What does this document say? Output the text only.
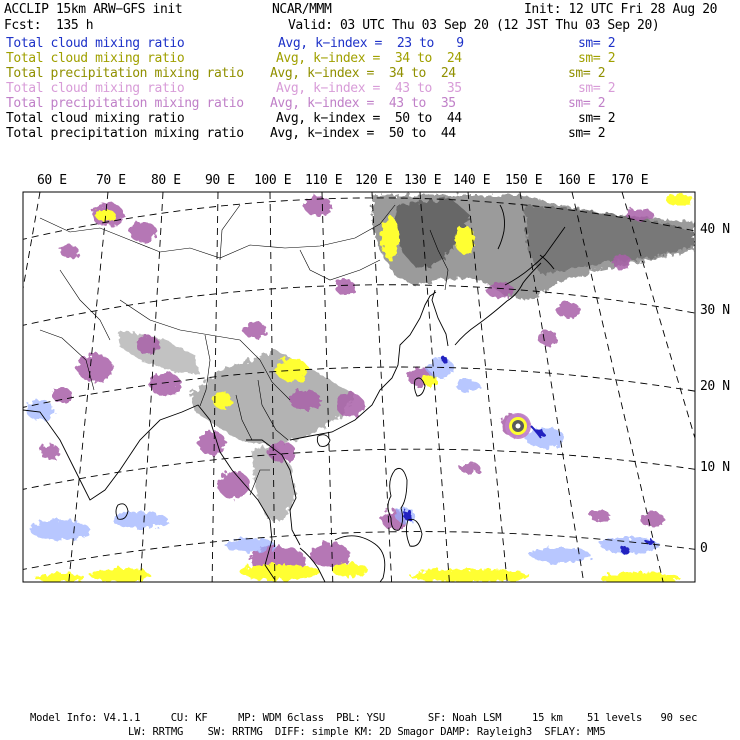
ACCLIP 15km ARW−GFS init	NCAR/MMM	Init: 12 UTC Fri 28 Aug 20
Fcst:  135 h	Valid: 03 UTC Thu 03 Sep 20 (12 JST Thu 03 Sep 20)
Total cloud mixing ratio	Avg, k−index =  23 to   9	sm= 2
Total cloud mixing ratio	Avg, k−index =  34 to  24	sm= 2
Total precipitation mixing ratio Avg, k−index =  34 to  24	sm= 2
Total cloud mixing ratio	Avg, k−index =  43 to  35	sm= 2
Total precipitation mixing ratio Avg, k−index =  43 to  35	sm= 2
Total cloud mixing ratio	Avg, k−index =  50 to  44	sm= 2
Total precipitation mixing ratio Avg, k−index =  50 to  44	sm= 2
60 E 70 E 80 E 90 E 100 E 110 E 120 E 130 E 140 E 150 E 160 E 170 E
40 N
30 N
20 N
10 N
0
Model Info: V4.1.1     CU: KF     MP: WDM 6class  PBL: YSU       SF: Noah LSM     15 km    51 levels   90 sec
LW: RRTMG    SW: RRTMG  DIFF: simple KM: 2D Smagor DAMP: Rayleigh3  SFLAY: MM5
